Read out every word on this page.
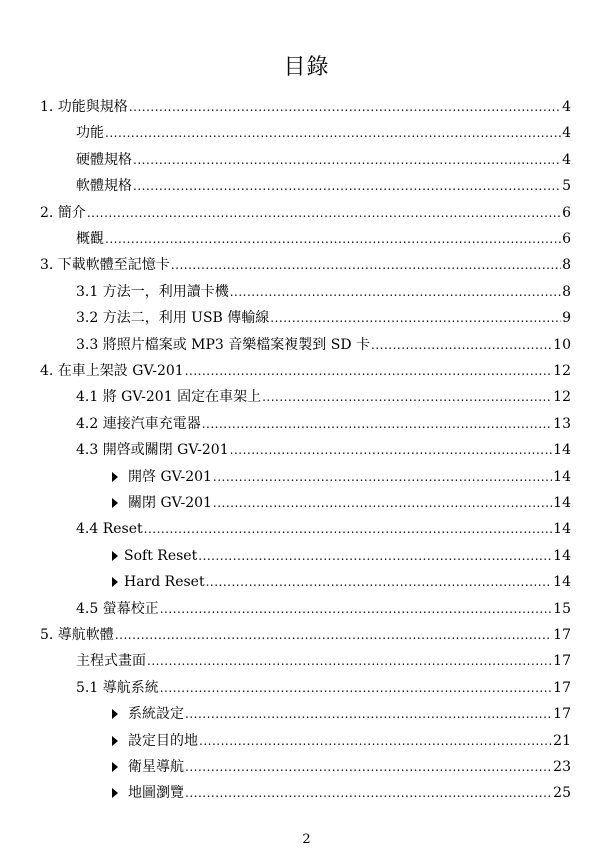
目錄
1. 功能與規格 .....	4
功能 .....	4
硬體規格 .....	4
軟體規格 .....	5
2. 簡介 .....	6
概觀 .....	6
3. 下載軟體至記憶卡 .....	8
3.1 方法一，利用讀卡機 .....	8
3.2 方法二，利用 USB 傳輸線 .....	9
3.3 將照片檔案或 MP3 音樂檔案複製到 SD 卡 .....	10
4. 在車上架設 GV-201 .....	12
4.1 將 GV-201 固定在車架上 .....	12
4.2 連接汽車充電器 .....	13
4.3 開啓或關閉 GV-201 .....	14
開啓 GV-201 .....	14
關閉 GV-201 .....	14
4.4 Reset .....	14
Soft Reset .....	14
Hard Reset .....	14
4.5 螢幕校正 .....	15
5. 導航軟體 .....	17
主程式畫面 .....	17
5.1 導航系統 .....	17
系統設定 .....	17
設定目的地 .....	21
衛星導航 .....	23
地圖瀏覽 .....	25
2
